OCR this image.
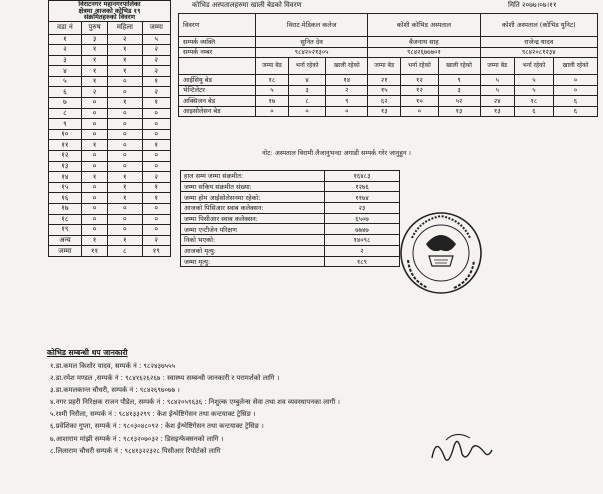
विराटनगर महानगरपालिका
क्षेत्रमा आजको कोभिड १९
संक्रमितहरुको विवरण			

वडा नं	पुरुष	महिला	जम्मा
१	३	२	५
२	१	१	२
३	१	१	२
४	१	१	२
५	१	०	१
६	२	०	२
७	०	१	१
८	०	०	०
९	०	०	०
१०	०	०	०
११	१	०	१
१२	०	०	०
१३	०	०	०
१४	१	१	२
१५	०	१	१
१६	०	१	१
१७	०	०	०
१८	०	०	०
१९	०	०	०
अन्य	१	१	२
जम्मा	११	८	१९
कोभिड अस्पतालहरुमा खाली बेडको विवरण	मिति २०७७।०७।११
विवरण	विराट मेडिकल कलेज			कोशी कोभिड अस्पताल			कोशी अस्पताल (कोभिड युनिट)		
सम्पर्क व्यक्ति	सुनित देव			बैजनाथ साह			राजेन्द्र यादव		
सम्पर्क नम्बर	९८४२०२१३०५			९८४२६७७७०१			९८४२०८१२३४		
	जम्मा बेड	भर्ना रहेको	खाली रहेको	जम्मा बेड	भर्ना रहेको	खाली रहेको	जम्मा बेड	भर्ना रहेको	खाली रहेको
आईसियु बेड	१८	४	१४	२१	१२	९	५	५	०
भेन्टिलेटर	५	३	२	१५	१२	३	५	५	०
अक्सिजन बेड	१७	८	९	६२	१०	५२	२४	१८	६
आइसोलेसन बेड	०	०	०	१३	०	१३	१३	६	६
नोट: अस्पताल विरामी लैजानुभन्दा अगाडी सम्पर्क गरेर जानुहुन ।
हाल सम्म जम्मा संक्रमीत:	१६४८३
जम्मा सकिय संक्रमीत संख्या:	१२७६
जम्मा होम आईसोलेसनमा रहेको:	११७४
आजको पिसिआर स्वाब कलेक्सन:	२३
जम्मा पिसीआर स्वाब कलेक्सन:	६५०७
जम्मा एन्टीजेन परिक्षण	७७४७
निको भएको:	१४०९८
आजको मृत्यु:	२
जम्मा मृत्यु:	१८९
कोभिड सम्बन्धी थप जानकारी
१.डा.कमल किशोर यादव, सम्पर्क नं : ९८२४३७५५५
२.डा.रमेश मण्डल ,सम्पर्क नं : ९८४१६२६२६७ : स्वास्थ्य सम्बन्धी जानकारी र परामर्शको लागि ।
३.डा.कमलकान्त चौधरी, सम्पर्क नं : ९८४२६९७०७७ ।
४.नगर प्रहरी निरिक्षक राजन पौडेल, सम्पर्क नं : ९८४२०५९६३६ : निशुल्क एम्बुलेन्स सेवा तथा शव व्यवस्थापनका लागी ।
५.रश्मी निरौला, सम्पर्क नं : ९८४१३३२९९ : केश ईन्भेष्टिगेसन तथा कन्टयाक्ट ट्रेसिङ ।
६.प्रवेशिका गुप्ता, सम्पर्क नं : ९८०३०४८०९२ : केश ईन्भेष्टिगेसन तथा कन्टयाक्ट ट्रेसिङ ।
७.आशाराम मांझी सम्पर्क नं : ९८१३२०७०३२ : डिसइन्फेक्सनको लागि ।
८.लिलाराम चौधरी सम्पर्क नं : ९८४१३२२३२८ पिसीआर रिपोर्टको लागि
